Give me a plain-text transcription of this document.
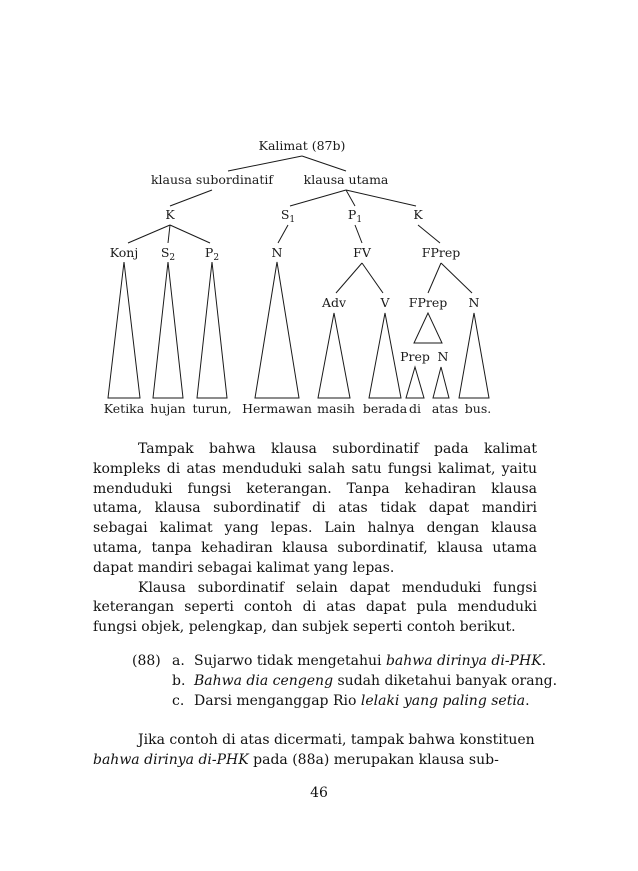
Kalimat (87b)
klausa subordinatif klausa utama
K	$S_1$	$P_1$	K
Konj $S_2$ $P_2$	N	FV	FPrep
Adv	V FPrep N
Prep N
Ketika hujan turun, Hermawan masih berada di atas bus.

Tampak bahwa klausa subordinatif pada kalimat kompleks di atas menduduki salah satu fungsi kalimat, yaitu menduduki fungsi keterangan. Tanpa kehadiran klausa utama, klausa subordinatif di atas tidak dapat mandiri sebagai kalimat yang lepas. Lain halnya dengan klausa utama, tanpa kehadiran klausa subordinatif, klausa utama dapat mandiri sebagai kalimat yang lepas.

Klausa subordinatif selain dapat menduduki fungsi keterangan seperti contoh di atas dapat pula menduduki fungsi objek, pelengkap, dan subjek seperti contoh berikut.

(88) a. Sujarwo tidak mengetahui bahwa dirinya di-PHK.
b. Bahwa dia cengeng sudah diketahui banyak orang.
c. Darsi menganggap Rio lelaki yang paling setia.

Jika contoh di atas dicermati, tampak bahwa konstituen

bahwa dirinya di-PHK pada (88a) merupakan klausa sub-

46
